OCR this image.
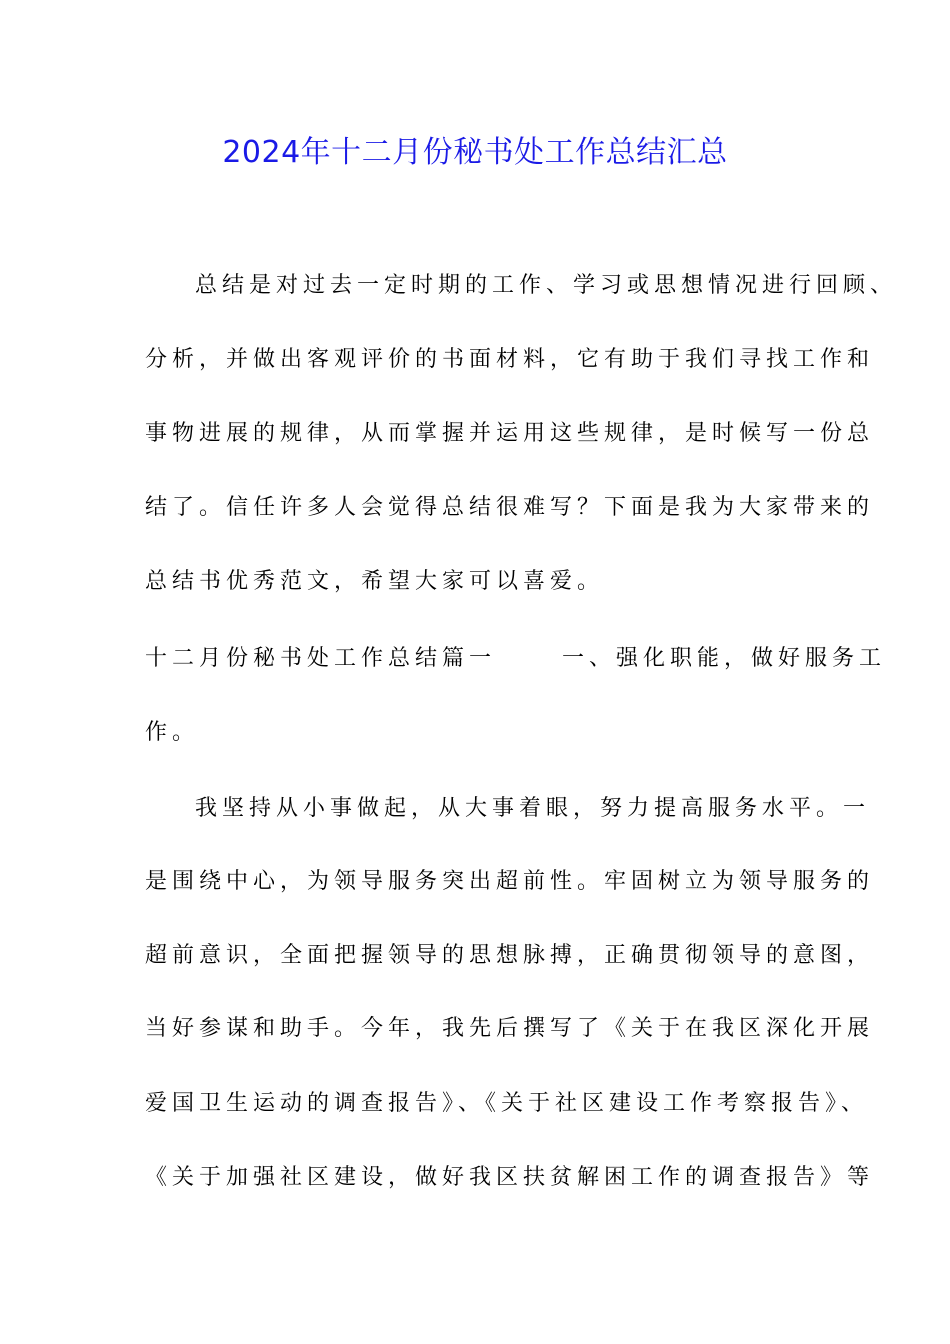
2024年十二月份秘书处工作总结汇总
总结是对过去一定时期的工作、学习或思想情况进行回顾、
分析，并做出客观评价的书面材料，它有助于我们寻找工作和
事物进展的规律，从而掌握并运用这些规律，是时候写一份总
结了。信任许多人会觉得总结很难写？下面是我为大家带来的
总结书优秀范文，希望大家可以喜爱。
十二月份秘书处工作总结篇一	一、强化职能，做好服务工
作。
我坚持从小事做起，从大事着眼，努力提高服务水平。一
是围绕中心，为领导服务突出超前性。牢固树立为领导服务的
超前意识，全面把握领导的思想脉搏，正确贯彻领导的意图，
当好参谋和助手。今年，我先后撰写了《关于在我区深化开展
爱国卫生运动的调查报告》、《关于社区建设工作考察报告》、
《关于加强社区建设，做好我区扶贫解困工作的调查报告》等
